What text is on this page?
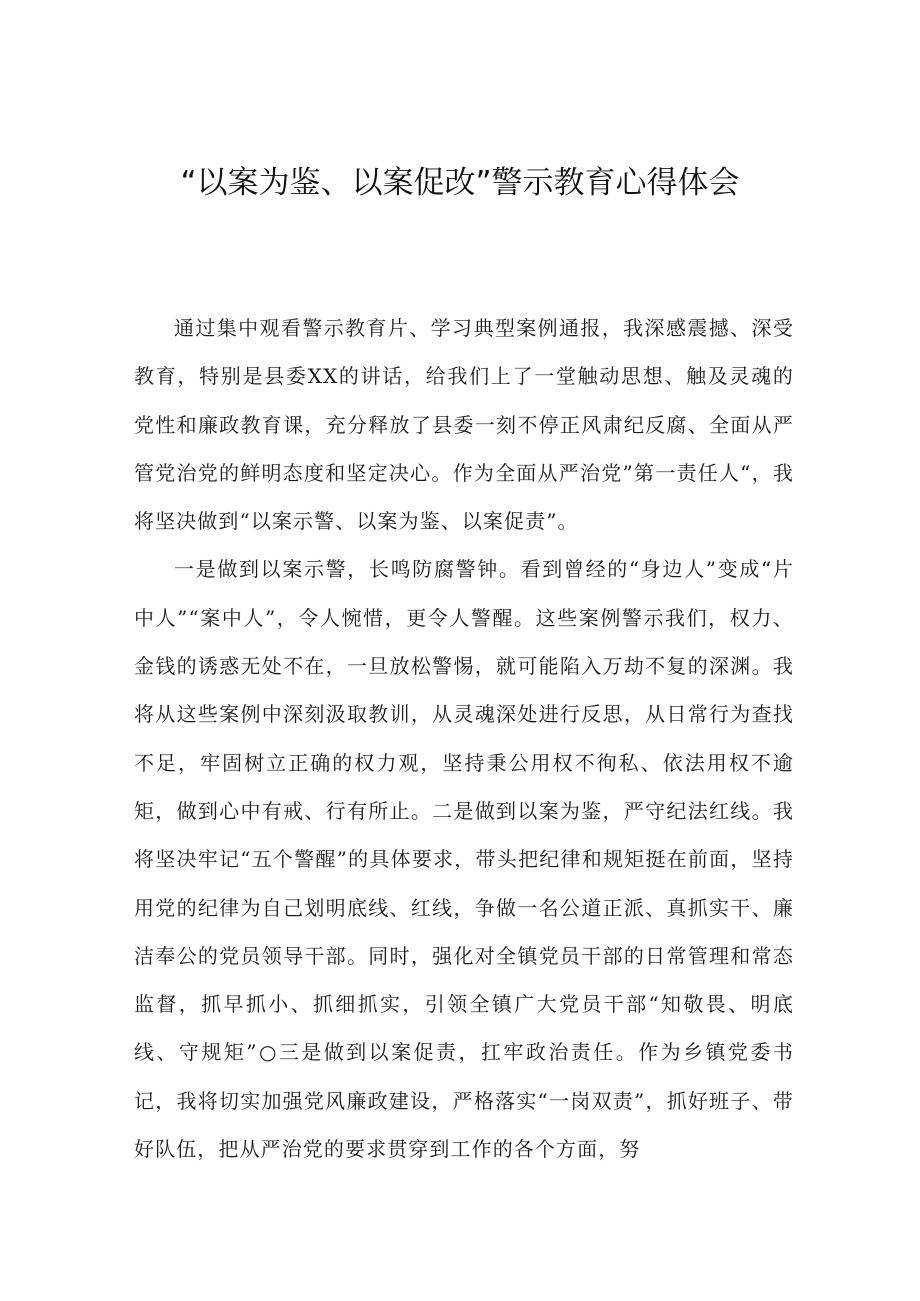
“以案为鉴、以案促改”警示教育心得体会

通过集中观看警示教育片、学习典型案例通报，我深感震撼、深受教育，特别是县委XX的讲话，给我们上了一堂触动思想、触及灵魂的党性和廉政教育课，充分释放了县委一刻不停正风肃纪反腐、全面从严管党治党的鲜明态度和坚定决心。作为全面从严治党”第一责任人“，我将坚决做到“以案示警、以案为鉴、以案促责”。

一是做到以案示警，长鸣防腐警钟。看到曾经的“身边人”变成“片中人”“案中人”，令人惋惜，更令人警醒。这些案例警示我们，权力、金钱的诱惑无处不在，一旦放松警惕，就可能陷入万劫不复的深渊。我将从这些案例中深刻汲取教训，从灵魂深处进行反思，从日常行为查找不足，牢固树立正确的权力观，坚持秉公用权不徇私、依法用权不逾矩，做到心中有戒、行有所止。二是做到以案为鉴，严守纪法红线。我将坚决牢记“五个警醒”的具体要求，带头把纪律和规矩挺在前面，坚持用党的纪律为自己划明底线、红线，争做一名公道正派、真抓实干、廉洁奉公的党员领导干部。同时，强化对全镇党员干部的日常管理和常态监督，抓早抓小、抓细抓实，引领全镇广大党员干部“知敬畏、明底线、守规矩”○三是做到以案促责，扛牢政治责任。作为乡镇党委书记，我将切实加强党风廉政建设，严格落实“一岗双责”，抓好班子、带好队伍，把从严治党的要求贯穿到工作的各个方面，努
